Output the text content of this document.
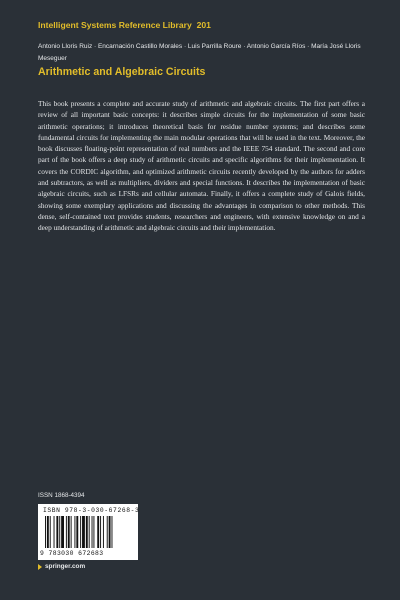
Intelligent Systems Reference Library 201
Antonio Lloris Ruiz · Encarnación Castillo Morales · Luis Parrilla Roure · Antonio García Ríos · María José Lloris Meseguer
Arithmetic and Algebraic Circuits

This book presents a complete and accurate study of arithmetic and algebraic circuits. The first part offers a review of all important basic concepts: it describes simple circuits for the implementation of some basic arithmetic operations; it introduces theoretical basis for residue number systems; and describes some fundamental circuits for implementing the main modular operations that will be used in the text. Moreover, the book discusses floating-point representation of real numbers and the IEEE 754 standard. The second and core part of the book offers a deep study of arithmetic circuits and specific algorithms for their implementation. It covers the CORDIC algorithm, and optimized arithmetic circuits recently developed by the authors for adders and subtractors, as well as multipliers, dividers and special functions. It describes the implementation of basic algebraic circuits, such as LFSRs and cellular automata. Finally, it offers a complete study of Galois fields, showing some exemplary applications and discussing the advantages in comparison to other methods. This dense, self-contained text provides students, researchers and engineers, with extensive knowledge on and a deep understanding of arithmetic and algebraic circuits and their implementation.

ISSN 1868-4394
ISBN 978-3-030-67268-3
9 783030 672683
springer.com
